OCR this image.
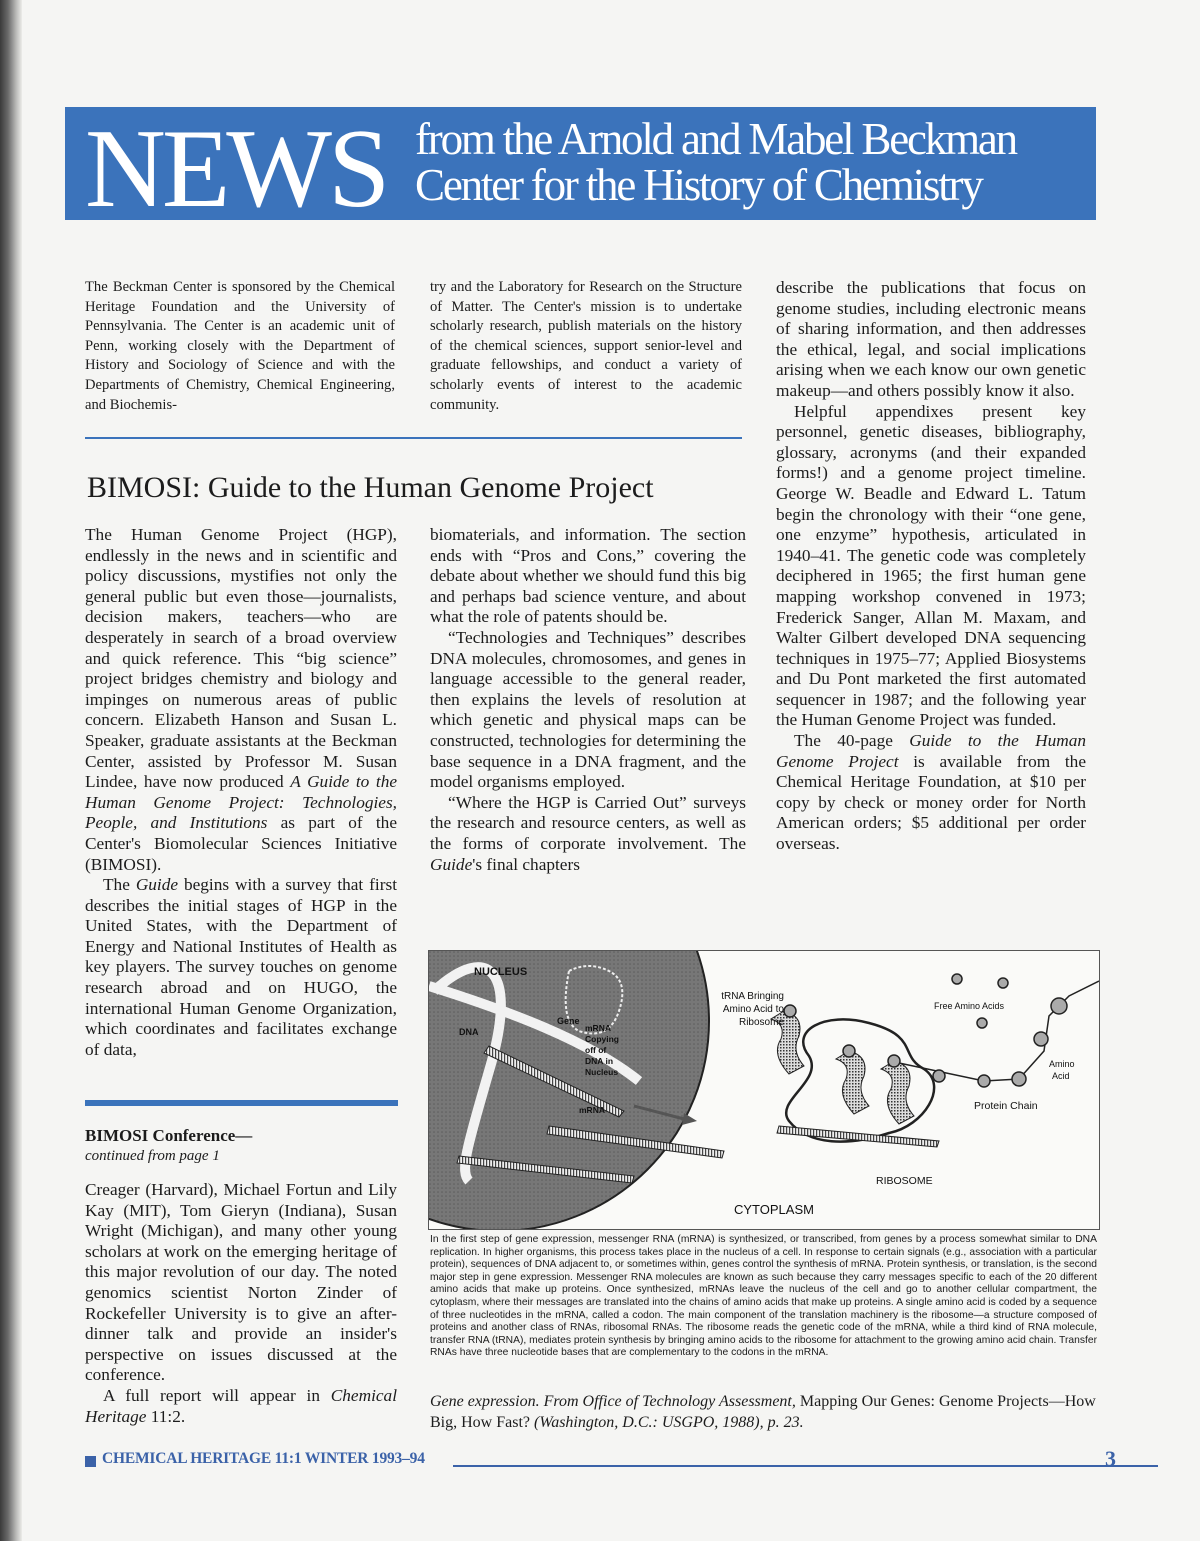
NEWS from the Arnold and Mabel Beckman
Center for the History of Chemistry
The Beckman Center is sponsored by the Chemical Heritage Foundation and the University of Pennsylvania. The Center is an academic unit of Penn, working closely with the Department of History and Sociology of Science and with the Departments of Chemistry, Chemical Engineering, and Biochemis-
try and the Laboratory for Research on the Structure of Matter. The Center's mission is to undertake scholarly research, publish materials on the history of the chemical sciences, support senior-level and graduate fellowships, and conduct a variety of scholarly events of interest to the academic community.
BIMOSI: Guide to the Human Genome Project

The Human Genome Project (HGP), endlessly in the news and in scientific and policy discussions, mystifies not only the general public but even those—journalists, decision makers, teachers—who are desperately in search of a broad overview and quick reference. This “big science” project bridges chemistry and biology and impinges on numerous areas of public concern. Elizabeth Hanson and Susan L. Speaker, graduate assistants at the Beckman Center, assisted by Professor M. Susan Lindee, have now produced A Guide to the Human Genome Project: Technologies, People, and Institutions as part of the Center's Biomolecular Sciences Initiative (BIMOSI).

The Guide begins with a survey that first describes the initial stages of HGP in the United States, with the Department of Energy and National Institutes of Health as key players. The survey touches on genome research abroad and on HUGO, the international Human Genome Organization, which coordinates and facilitates exchange of data,

biomaterials, and information. The section ends with “Pros and Cons,” covering the debate about whether we should fund this big and perhaps bad science venture, and about what the role of patents should be.

“Technologies and Techniques” describes DNA molecules, chromosomes, and genes in language accessible to the general reader, then explains the levels of resolution at which genetic and physical maps can be constructed, technologies for determining the base sequence in a DNA fragment, and the model organisms employed.

“Where the HGP is Carried Out” surveys the research and resource centers, as well as the forms of corporate involvement. The Guide's final chapters

describe the publications that focus on genome studies, including electronic means of sharing information, and then addresses the ethical, legal, and social implications arising when we each know our own genetic makeup—and others possibly know it also.

Helpful appendixes present key personnel, genetic diseases, bibliography, glossary, acronyms (and their expanded forms!) and a genome project timeline. George W. Beadle and Edward L. Tatum begin the chronology with their “one gene, one enzyme” hypothesis, articulated in 1940–41. The genetic code was completely deciphered in 1965; the first human gene mapping workshop convened in 1973; Frederick Sanger, Allan M. Maxam, and Walter Gilbert developed DNA sequencing techniques in 1975–77; Applied Biosystems and Du Pont marketed the first automated sequencer in 1987; and the following year the Human Genome Project was funded.

The 40-page Guide to the Human Genome Project is available from the Chemical Heritage Foundation, at $10 per copy by check or money order for North American orders; $5 additional per order overseas.

BIMOSI Conference—

continued from page 1

Creager (Harvard), Michael Fortun and Lily Kay (MIT), Tom Gieryn (Indiana), Susan Wright (Michigan), and many other young scholars at work on the emerging heritage of this major revolution of our day. The noted genomics scientist Norton Zinder of Rockefeller University is to give an after-dinner talk and provide an insider's perspective on issues discussed at the conference.

A full report will appear in Chemical Heritage 11:2.

NUCLEUS
DNA
Gene
mRNA
Copying
off of
DNA in
Nucleus
mRNA
tRNA Bringing
Amino Acid to
Ribosome
Free Amino Acids
Amino
Acid
Protein Chain
RIBOSOME
CYTOPLASM
In the first step of gene expression, messenger RNA (mRNA) is synthesized, or transcribed, from genes by a process somewhat similar to DNA replication. In higher organisms, this process takes place in the nucleus of a cell. In response to certain signals (e.g., association with a particular protein), sequences of DNA adjacent to, or sometimes within, genes control the synthesis of mRNA. Protein synthesis, or translation, is the second major step in gene expression. Messenger RNA molecules are known as such because they carry messages specific to each of the 20 different amino acids that make up proteins. Once synthesized, mRNAs leave the nucleus of the cell and go to another cellular compartment, the cytoplasm, where their messages are translated into the chains of amino acids that make up proteins. A single amino acid is coded by a sequence of three nucleotides in the mRNA, called a codon. The main component of the translation machinery is the ribosome—a structure composed of proteins and another class of RNAs, ribosomal RNAs. The ribosome reads the genetic code of the mRNA, while a third kind of RNA molecule, transfer RNA (tRNA), mediates protein synthesis by bringing amino acids to the ribosome for attachment to the growing amino acid chain. Transfer RNAs have three nucleotide bases that are complementary to the codons in the mRNA.
Gene expression. From Office of Technology Assessment, Mapping Our Genes: Genome Projects—How Big, How Fast? (Washington, D.C.: USGPO, 1988), p. 23.
CHEMICAL HERITAGE 11:1 WINTER 1993–94	3
